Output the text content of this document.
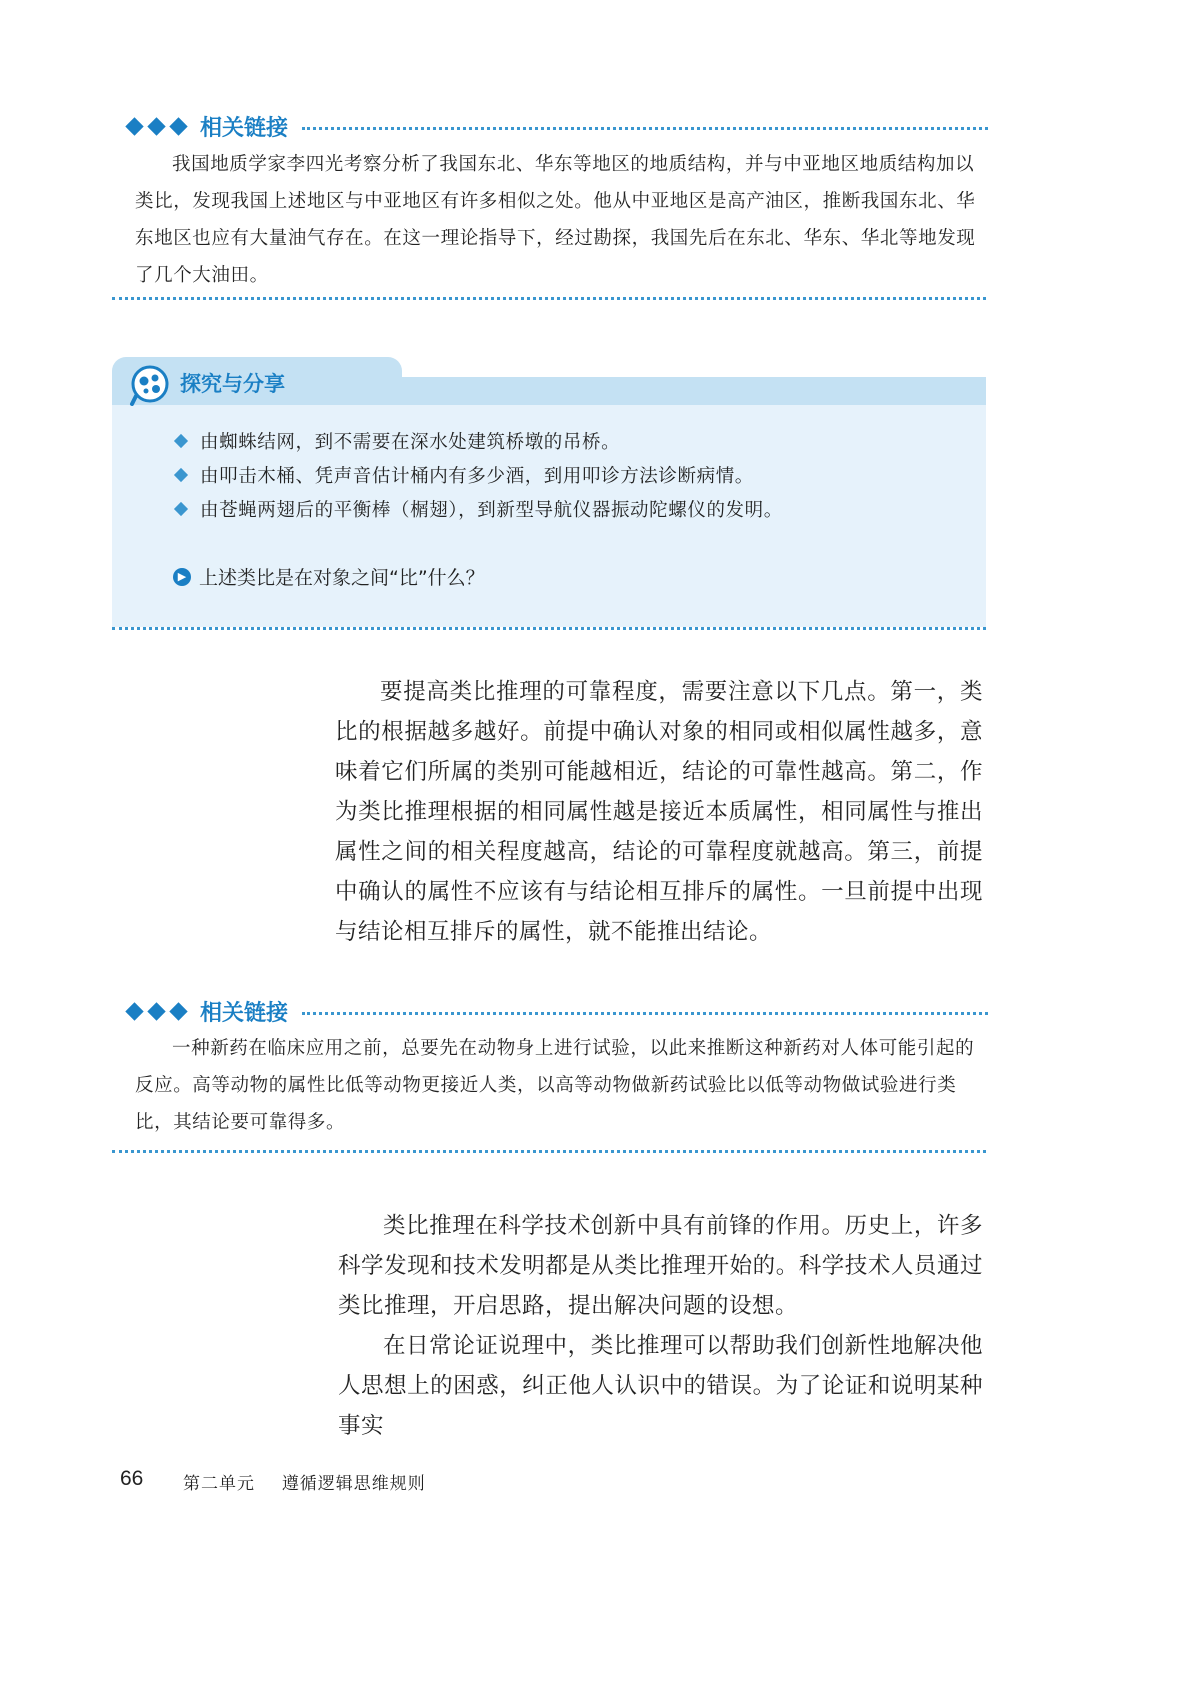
相关链接

我国地质学家李四光考察分析了我国东北、华东等地区的地质结构，并与中亚地区地质结构加以类比，发现我国上述地区与中亚地区有许多相似之处。他从中亚地区是高产油区，推断我国东北、华东地区也应有大量油气存在。在这一理论指导下，经过勘探，我国先后在东北、华东、华北等地发现了几个大油田。

探究与分享
由蜘蛛结网，到不需要在深水处建筑桥墩的吊桥。
由叩击木桶、凭声音估计桶内有多少酒，到用叩诊方法诊断病情。
由苍蝇两翅后的平衡棒（榍翅），到新型导航仪器振动陀螺仪的发明。
▶ 上述类比是在对象之间“比”什么？

要提高类比推理的可靠程度，需要注意以下几点。第一，类比的根据越多越好。前提中确认对象的相同或相似属性越多，意味着它们所属的类别可能越相近，结论的可靠性越高。第二，作为类比推理根据的相同属性越是接近本质属性，相同属性与推出属性之间的相关程度越高，结论的可靠程度就越高。第三，前提中确认的属性不应该有与结论相互排斥的属性。一旦前提中出现与结论相互排斥的属性，就不能推出结论。

相关链接

一种新药在临床应用之前，总要先在动物身上进行试验，以此来推断这种新药对人体可能引起的反应。高等动物的属性比低等动物更接近人类，以高等动物做新药试验比以低等动物做试验进行类比，其结论要可靠得多。

类比推理在科学技术创新中具有前锋的作用。历史上，许多科学发现和技术发明都是从类比推理开始的。科学技术人员通过类比推理，开启思路，提出解决问题的设想。

在日常论证说理中，类比推理可以帮助我们创新性地解决他人思想上的困惑，纠正他人认识中的错误。为了论证和说明某种事实

66 第二单元 遵循逻辑思维规则
